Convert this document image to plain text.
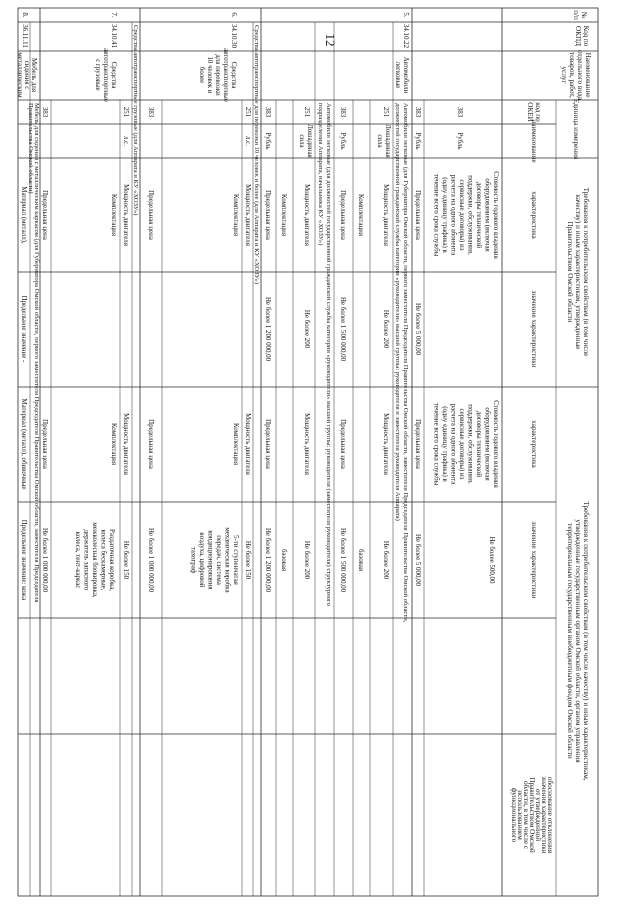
12
№п/п
Код поОКПД
Наименованиеотдельного видатоваров, работ,услуг
Единица измерения
код поОКЕИ
наименование
Требования к потребительским свойствам (в том числекачеству) и иным характеристикам, утвержденныеПравительством Омской области
характеристика
значение характеристики
Требования к потребительским свойствам (в том числе качеству) и иным характеристикам,утвержденные государственным органом Омской области, органом управлениятерриториальным государственным внебюджетным фондом Омской области
характеристика
значение характеристики
обоснование отклонениязначения характеристикиот утвержденнойПравительством Омскойобласти, в том числе сиспользованиемфункционального
383
Рубль
Стоимость годового владенияоборудованием (включаядоговоры техническойподдержки, обслуживания,сервисные договоры) израсчета на одного абонента(одну единицу трафика) втечение всего срока службы
Стоимость годового владенияоборудованием (включаядоговоры техническойподдержки, обслуживания,сервисные договоры) израсчета на одного абонента(одну единицу трафика) втечение всего срока службы
Не более 500,00
383
Рубль
Предельная цена
Не более 5 000,00
Предельная цена
Не более 5 000,00
5.
34.10.22
Автомобилилегковые
Автомобили легковые (для Губернатора Омской области, первого заместителя Председателя Правительства Омской области, заместителя Председателя Правительства Омской области,должностей государственной гражданской службы категории «руководители» высшей группы: руководителя и заместителя руководителя Аппарата)
251
Лошадинаясила
Мощность двигателя
Не более 200
Мощность двигателя
Не более 200
Комплектация
базовая
383
Рубль
Предельная цена
Не более 1 500 000,00
Предельная цена
Не более 1 500 000,00
Автомобили легковые (для должностей государственной гражданской службы категории «руководители» высшей группы: руководителя (заместителя руководителя) структурногоподразделения Аппарата, начальника КУ «ХОЗУ»)
251
Лошадинаясила
Мощность двигателя
Не более 200
Мощность двигателя
Не более 200
Комплектация
базовая
383
Рубль
Предельная цена
Не более 1 200 000,00
Предельная цена
Не более 1 200 000,00
6.
34.10.30
Средстваавтотранспортныедля перевозки10 человек иболее	Средства автотранспортные для перевозки 10 человек и более (для Аппарата и КУ «ХОЗУ»)
251
л.с.
Мощность двигателя
Мощность двигателя
Не более 150
Комплектация
Комплектация
5-ти ступенчатаямеханическая коробкапередач, системакондиционированиявоздуха, цифровойтахограф
383
Предельная цена
Предельная цена
Не более 1 000 000,00
7.
34.10.41
Средстваавтотранспортныес грузовые	Средства автотранспортные грузовые (для Аппарата и КУ «ХОЗУ»)
251
л.с.
Мощность двигателя
Мощность двигателя
Не более 150
Комплектация
Комплектация
Раздаточная коробка,колеса бескамерные,межколесная блокировка,держатель запасногоколеса, тент-каркас
383
Предельная цена
Предельная цена
Не более 1 000 000,00
8.
36.11.11
Мебель длясидения сметаллическим
Мебель для сидения с металлическим каркасом (для Губернатора Омской области, первого заместителя Председателя Правительства Омской области, заместителя ПредседателяПравительства Омской области)
Материал (металл),
Предельное значение -
Материал (металл), обивочные
Предельное значение: кожа
